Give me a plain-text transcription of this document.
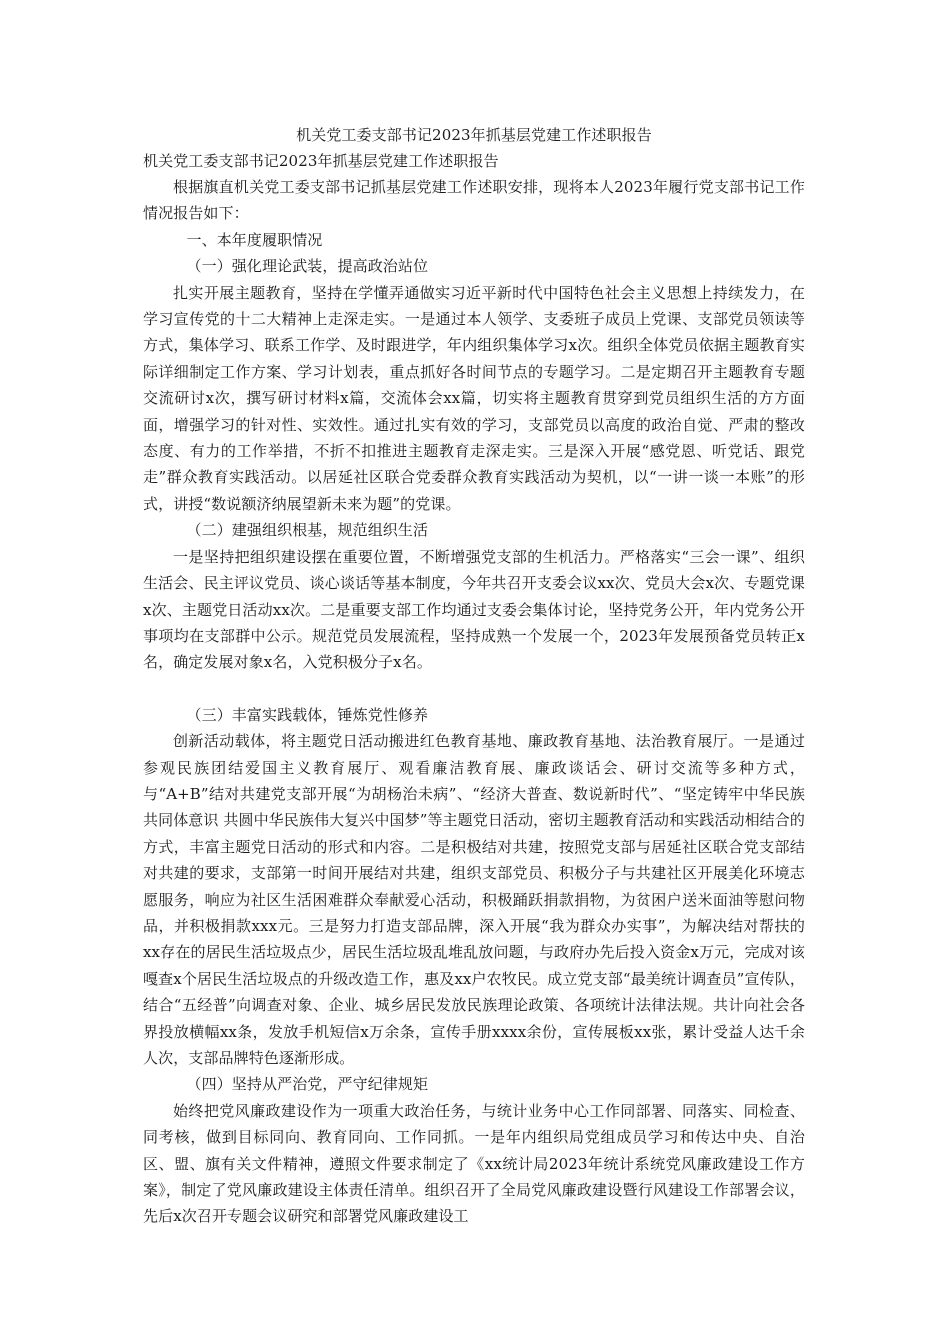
机关党工委支部书记2023年抓基层党建工作述职报告

机关党工委支部书记2023年抓基层党建工作述职报告

根据旗直机关党工委支部书记抓基层党建工作述职安排，现将本人2023年履行党支部书记工作情况报告如下：

一、本年度履职情况

（一）强化理论武装，提高政治站位

扎实开展主题教育，坚持在学懂弄通做实习近平新时代中国特色社会主义思想上持续发力，在学习宣传党的十二大精神上走深走实。一是通过本人领学、支委班子成员上党课、支部党员领读等方式，集体学习、联系工作学、及时跟进学，年内组织集体学习x次。组织全体党员依据主题教育实际详细制定工作方案、学习计划表，重点抓好各时间节点的专题学习。二是定期召开主题教育专题交流研讨x次，撰写研讨材料x篇，交流体会xx篇，切实将主题教育贯穿到党员组织生活的方方面面，增强学习的针对性、实效性。通过扎实有效的学习，支部党员以高度的政治自觉、严肃的整改态度、有力的工作举措，不折不扣推进主题教育走深走实。三是深入开展“感党恩、听党话、跟党走”群众教育实践活动。以居延社区联合党委群众教育实践活动为契机，以“一讲一谈一本账”的形式，讲授“数说额济纳展望新未来为题”的党课。

（二）建强组织根基，规范组织生活

一是坚持把组织建设摆在重要位置，不断增强党支部的生机活力。严格落实“三会一课”、组织生活会、民主评议党员、谈心谈话等基本制度，今年共召开支委会议xx次、党员大会x次、专题党课x次、主题党日活动xx次。二是重要支部工作均通过支委会集体讨论，坚持党务公开，年内党务公开事项均在支部群中公示。规范党员发展流程，坚持成熟一个发展一个，2023年发展预备党员转正x名，确定发展对象x名，入党积极分子x名。

（三）丰富实践载体，锤炼党性修养

创新活动载体，将主题党日活动搬进红色教育基地、廉政教育基地、法治教育展厅。一是通过参观民族团结爱国主义教育展厅、观看廉洁教育展、廉政谈话会、研讨交流等多种方式，与“A+B”结对共建党支部开展“为胡杨治未病”、“经济大普查、数说新时代”、“坚定铸牢中华民族共同体意识 共圆中华民族伟大复兴中国梦”等主题党日活动，密切主题教育活动和实践活动相结合的方式，丰富主题党日活动的形式和内容。二是积极结对共建，按照党支部与居延社区联合党支部结对共建的要求，支部第一时间开展结对共建，组织支部党员、积极分子与共建社区开展美化环境志愿服务，响应为社区生活困难群众奉献爱心活动，积极踊跃捐款捐物，为贫困户送米面油等慰问物品，并积极捐款xxx元。三是努力打造支部品牌，深入开展“我为群众办实事”，为解决结对帮扶的xx存在的居民生活垃圾点少，居民生活垃圾乱堆乱放问题，与政府办先后投入资金x万元，完成对该嘎查x个居民生活垃圾点的升级改造工作，惠及xx户农牧民。成立党支部“最美统计调查员”宣传队，结合“五经普”向调查对象、企业、城乡居民发放民族理论政策、各项统计法律法规。共计向社会各界投放横幅xx条，发放手机短信x万余条，宣传手册xxxx余份，宣传展板xx张，累计受益人达千余人次，支部品牌特色逐渐形成。

（四）坚持从严治党，严守纪律规矩

始终把党风廉政建设作为一项重大政治任务，与统计业务中心工作同部署、同落实、同检查、同考核，做到目标同向、教育同向、工作同抓。一是年内组织局党组成员学习和传达中央、自治区、盟、旗有关文件精神，遵照文件要求制定了《xx统计局2023年统计系统党风廉政建设工作方案》，制定了党风廉政建设主体责任清单。组织召开了全局党风廉政建设暨行风建设工作部署会议，先后x次召开专题会议研究和部署党风廉政建设工
